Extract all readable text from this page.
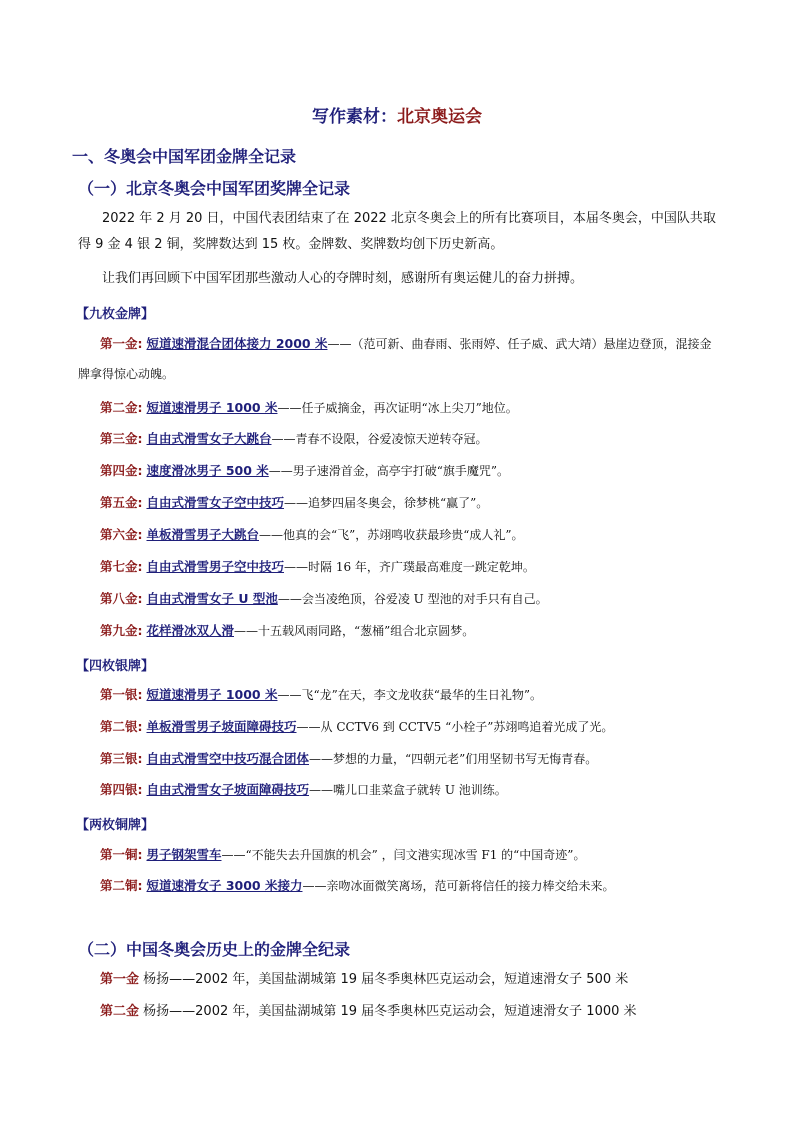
写作素材：北京奥运会
一、冬奥会中国军团金牌全记录
（一）北京冬奥会中国军团奖牌全记录
2022 年 2 月 20 日，中国代表团结束了在 2022 北京冬奥会上的所有比赛项目，本届冬奥会，中国队共取得 9 金 4 银 2 铜，奖牌数达到 15 枚。金牌数、奖牌数均创下历史新高。
让我们再回顾下中国军团那些激动人心的夺牌时刻，感谢所有奥运健儿的奋力拼搏。
【九枚金牌】
第一金: 短道速滑混合团体接力 2000 米——（范可新、曲春雨、张雨婷、任子威、武大靖）悬崖边登顶，混接金牌拿得惊心动魄。
第二金: 短道速滑男子 1000 米——任子威摘金，再次证明“冰上尖刀”地位。
第三金: 自由式滑雪女子大跳台——青春不设限，谷爱凌惊天逆转夺冠。
第四金: 速度滑冰男子 500 米——男子速滑首金，高亭宇打破“旗手魔咒”。
第五金: 自由式滑雪女子空中技巧——追梦四届冬奥会，徐梦桃“赢了”。
第六金: 单板滑雪男子大跳台——他真的会“飞”，苏翊鸣收获最珍贵“成人礼”。
第七金: 自由式滑雪男子空中技巧——时隔 16 年，齐广璞最高难度一跳定乾坤。
第八金: 自由式滑雪女子 U 型池——会当凌绝顶，谷爱凌 U 型池的对手只有自己。
第九金: 花样滑冰双人滑——十五载风雨同路，“葱桶”组合北京圆梦。
【四枚银牌】
第一银: 短道速滑男子 1000 米——飞“龙”在天，李文龙收获“最华的生日礼物”。
第二银: 单板滑雪男子坡面障碍技巧——从 CCTV6 到 CCTV5 “小栓子”苏翊鸣追着光成了光。
第三银: 自由式滑雪空中技巧混合团体——梦想的力量，“四朝元老”们用坚韧书写无悔青春。
第四银: 自由式滑雪女子坡面障碍技巧——嘴儿口韭菜盒子就转 U 池训练。
【两枚铜牌】
第一铜: 男子钢架雪车——“不能失去升国旗的机会” ，闫文港实现冰雪 F1 的“中国奇迹”。
第二铜: 短道速滑女子 3000 米接力——亲吻冰面微笑离场，范可新将信任的接力棒交给未来。
（二）中国冬奥会历史上的金牌全纪录
第一金 杨扬——2002 年，美国盐湖城第 19 届冬季奥林匹克运动会，短道速滑女子 500 米
第二金 杨扬——2002 年，美国盐湖城第 19 届冬季奥林匹克运动会，短道速滑女子 1000 米
